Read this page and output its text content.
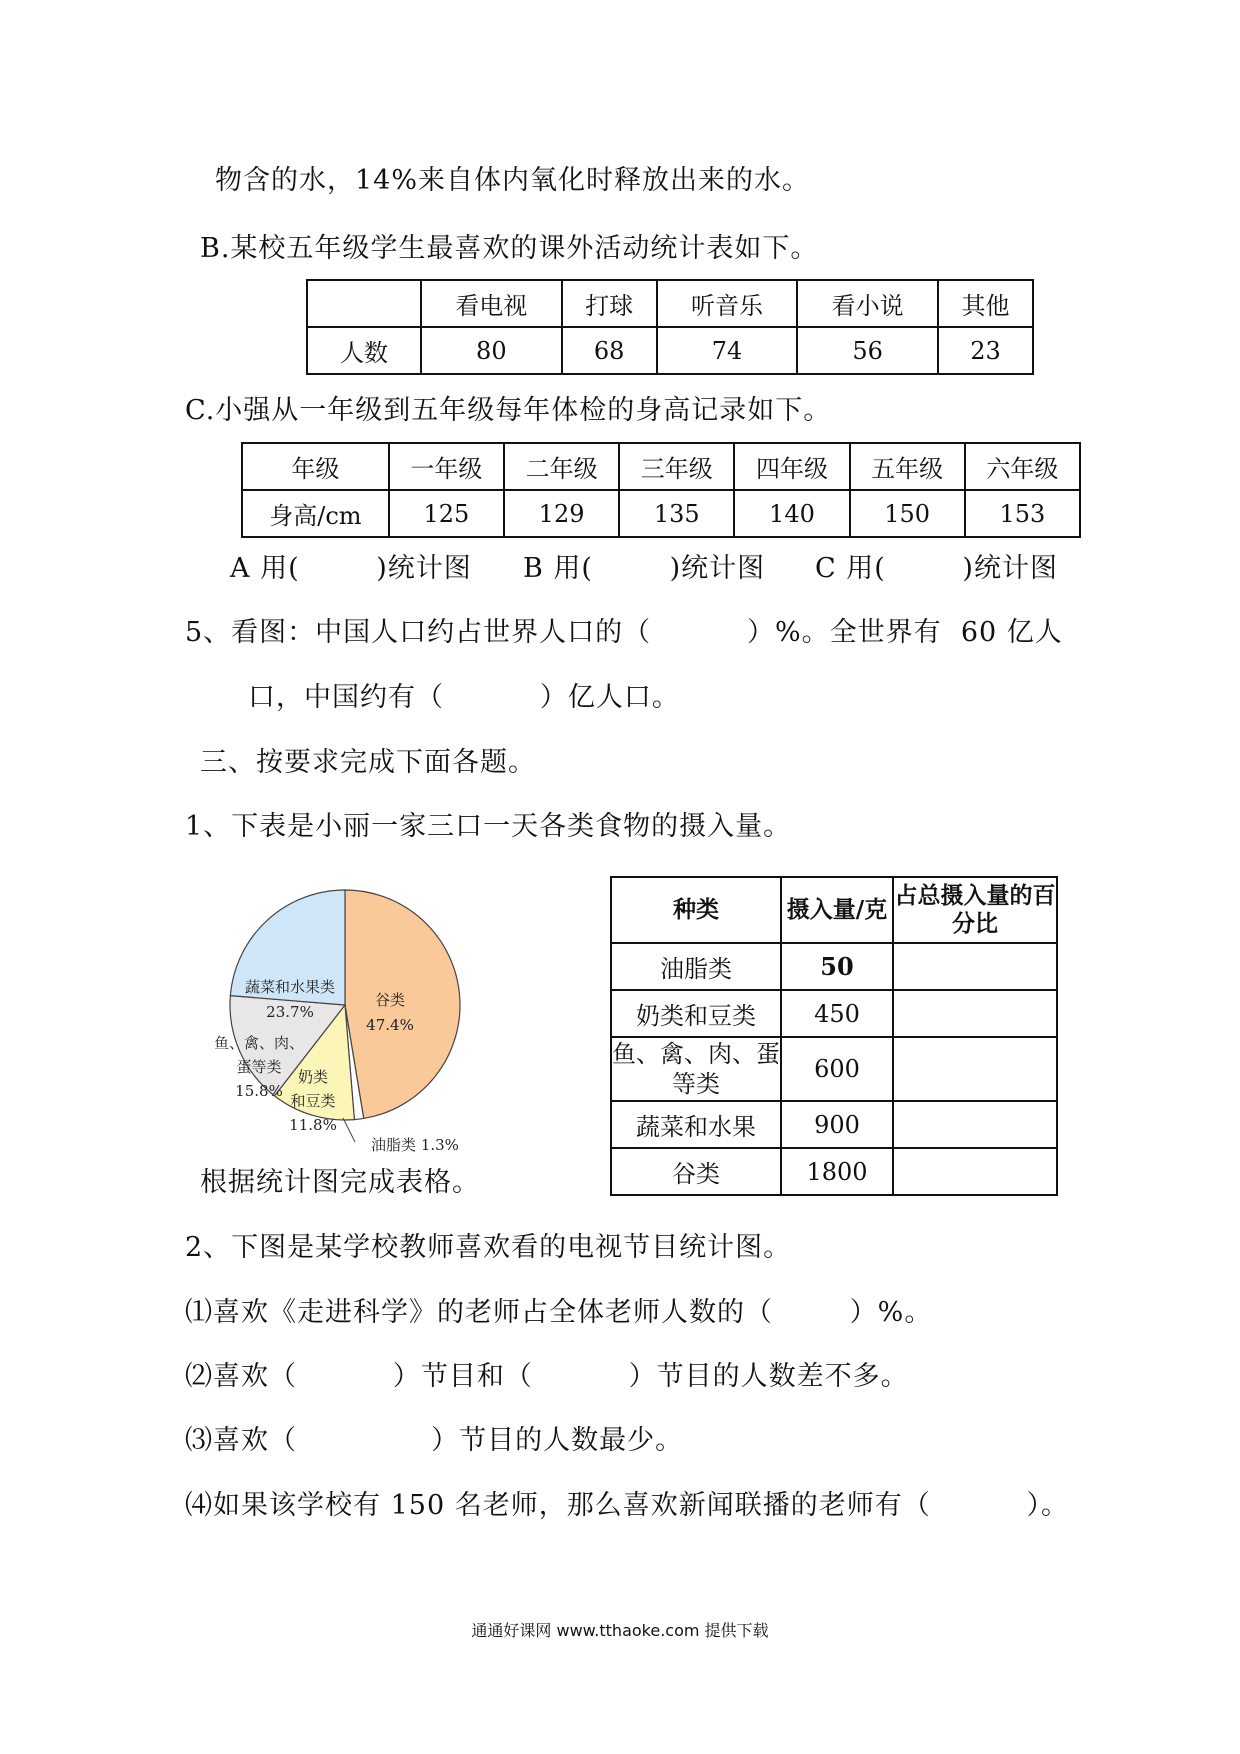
物含的水，14%来自体内氧化时释放出来的水。
B.某校五年级学生最喜欢的课外活动统计表如下。
	看电视	打球	听音乐	看小说	其他
人数	80	68	74	56	23
C.小强从一年级到五年级每年体检的身高记录如下。
年级	一年级	二年级	三年级	四年级	五年级	六年级
身高/cm	125	129	135	140	150	153
A 用(        )统计图 B 用(        )统计图 C 用(        )统计图
5、看图：中国人口约占世界人口的（          ）%。全世界有  60 亿人
口，中国约有（          ）亿人口。
三、按要求完成下面各题。
1、下表是小丽一家三口一天各类食物的摄入量。
谷类
47.4%
油脂类 1.3%
奶类
和豆类
11.8%
鱼、禽、肉、
蛋等类
15.8%
蔬菜和水果类
23.7%
根据统计图完成表格。
种类	摄入量/克	占总摄入量的百分比
油脂类	50	
奶类和豆类	450	
鱼、禽、肉、蛋等类	600	
蔬菜和水果	900	
谷类	1800	
2、下图是某学校教师喜欢看的电视节目统计图。
⑴喜欢《走进科学》的老师占全体老师人数的（        ）%。
⑵喜欢（          ）节目和（          ）节目的人数差不多。
⑶喜欢（              ）节目的人数最少。
⑷如果该学校有 150 名老师，那么喜欢新闻联播的老师有（          ）。
通通好课网 www.tthaoke.com 提供下载
